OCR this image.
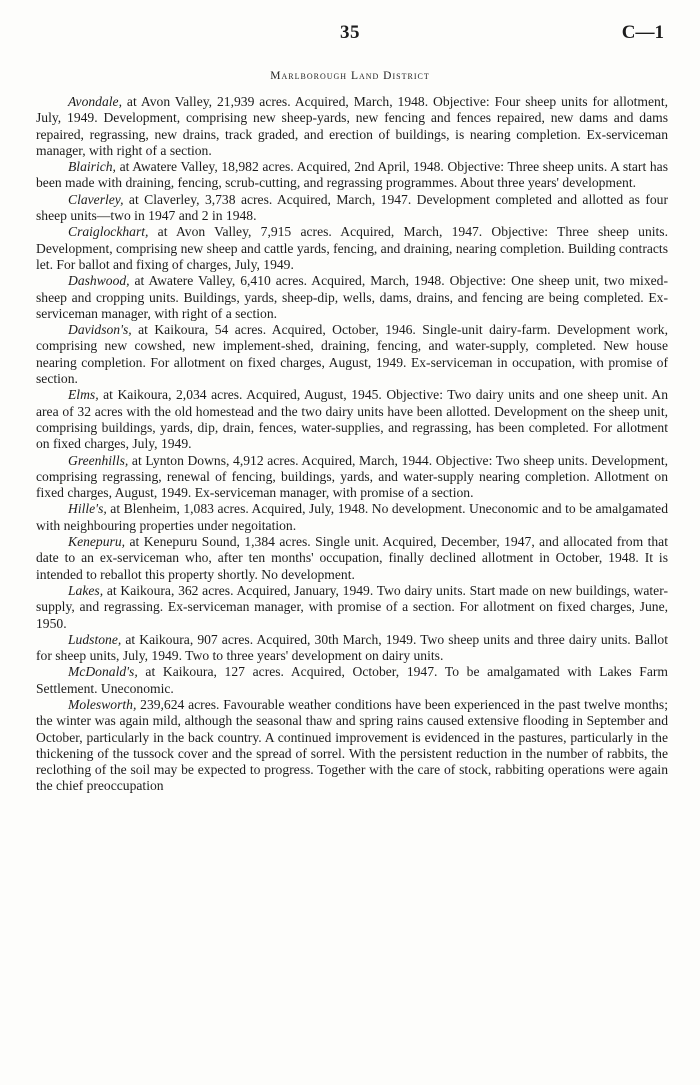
35	C—1
Marlborough Land District

Avondale, at Avon Valley, 21,939 acres. Acquired, March, 1948. Objective: Four sheep units for allotment, July, 1949. Development, comprising new sheep-yards, new fencing and fences repaired, new dams and dams repaired, regrassing, new drains, track graded, and erection of buildings, is nearing completion. Ex-serviceman manager, with right of a section.

Blairich, at Awatere Valley, 18,982 acres. Acquired, 2nd April, 1948. Objective: Three sheep units. A start has been made with draining, fencing, scrub-cutting, and regrassing programmes. About three years' development.

Claverley, at Claverley, 3,738 acres. Acquired, March, 1947. Development completed and allotted as four sheep units—two in 1947 and 2 in 1948.

Craiglockhart, at Avon Valley, 7,915 acres. Acquired, March, 1947. Objective: Three sheep units. Development, comprising new sheep and cattle yards, fencing, and draining, nearing completion. Building contracts let. For ballot and fixing of charges, July, 1949.

Dashwood, at Awatere Valley, 6,410 acres. Acquired, March, 1948. Objective: One sheep unit, two mixed-sheep and cropping units. Buildings, yards, sheep-dip, wells, dams, drains, and fencing are being completed. Ex-serviceman manager, with right of a section.

Davidson's, at Kaikoura, 54 acres. Acquired, October, 1946. Single-unit dairy-farm. Development work, comprising new cowshed, new implement-shed, draining, fencing, and water-supply, completed. New house nearing completion. For allotment on fixed charges, August, 1949. Ex-serviceman in occupation, with promise of section.

Elms, at Kaikoura, 2,034 acres. Acquired, August, 1945. Objective: Two dairy units and one sheep unit. An area of 32 acres with the old homestead and the two dairy units have been allotted. Development on the sheep unit, comprising buildings, yards, dip, drain, fences, water-supplies, and regrassing, has been completed. For allotment on fixed charges, July, 1949.

Greenhills, at Lynton Downs, 4,912 acres. Acquired, March, 1944. Objective: Two sheep units. Development, comprising regrassing, renewal of fencing, buildings, yards, and water-supply nearing completion. Allotment on fixed charges, August, 1949. Ex-serviceman manager, with promise of a section.

Hille's, at Blenheim, 1,083 acres. Acquired, July, 1948. No development. Uneconomic and to be amalgamated with neighbouring properties under negoitation.

Kenepuru, at Kenepuru Sound, 1,384 acres. Single unit. Acquired, December, 1947, and allocated from that date to an ex-serviceman who, after ten months' occupation, finally declined allotment in October, 1948. It is intended to reballot this property shortly. No development.

Lakes, at Kaikoura, 362 acres. Acquired, January, 1949. Two dairy units. Start made on new buildings, water-supply, and regrassing. Ex-serviceman manager, with promise of a section. For allotment on fixed charges, June, 1950.

Ludstone, at Kaikoura, 907 acres. Acquired, 30th March, 1949. Two sheep units and three dairy units. Ballot for sheep units, July, 1949. Two to three years' development on dairy units.

McDonald's, at Kaikoura, 127 acres. Acquired, October, 1947. To be amalgamated with Lakes Farm Settlement. Uneconomic.

Molesworth, 239,624 acres. Favourable weather conditions have been experienced in the past twelve months; the winter was again mild, although the seasonal thaw and spring rains caused extensive flooding in September and October, particularly in the back country. A continued improvement is evidenced in the pastures, particularly in the thickening of the tussock cover and the spread of sorrel. With the persistent reduction in the number of rabbits, the reclothing of the soil may be expected to progress. Together with the care of stock, rabbiting operations were again the chief preoccupation
